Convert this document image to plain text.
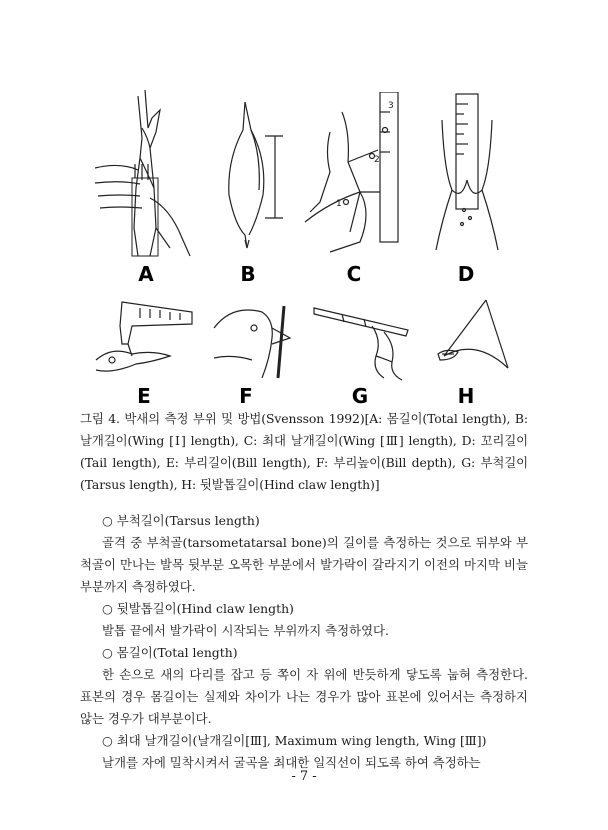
A	B
3
2
1
C	D
E	F	G	H
그림 4. 박새의 측정 부위 및 방법(Svensson 1992)[A: 몸길이(Total length), B: 날개길이(Wing [Ⅰ] length), C: 최대 날개길이(Wing [Ⅲ] length), D: 꼬리길이(Tail length), E: 부리길이(Bill length), F: 부리높이(Bill depth), G: 부척길이(Tarsus length), H: 뒷발톱길이(Hind claw length)]

○ 부척길이(Tarsus length)

골격 중 부척골(tarsometatarsal bone)의 길이를 측정하는 것으로 뒤부와 부척골이 만나는 발목 뒷부분 오목한 부분에서 발가락이 갈라지기 이전의 마지막 비늘 부분까지 측정하였다.

○ 뒷발톱길이(Hind claw length)

발톱 끝에서 발가락이 시작되는 부위까지 측정하였다.

○ 몸길이(Total length)

한 손으로 새의 다리를 잡고 등 쪽이 자 위에 반듯하게 닿도록 눕혀 측정한다. 표본의 경우 몸길이는 실제와 차이가 나는 경우가 많아 표본에 있어서는 측정하지 않는 경우가 대부분이다.

○ 최대 날개길이(날개길이[Ⅲ], Maximum wing length, Wing [Ⅲ])

날개를 자에 밀착시켜서 굴곡을 최대한 일직선이 되도록 하여 측정하는

- 7 -
